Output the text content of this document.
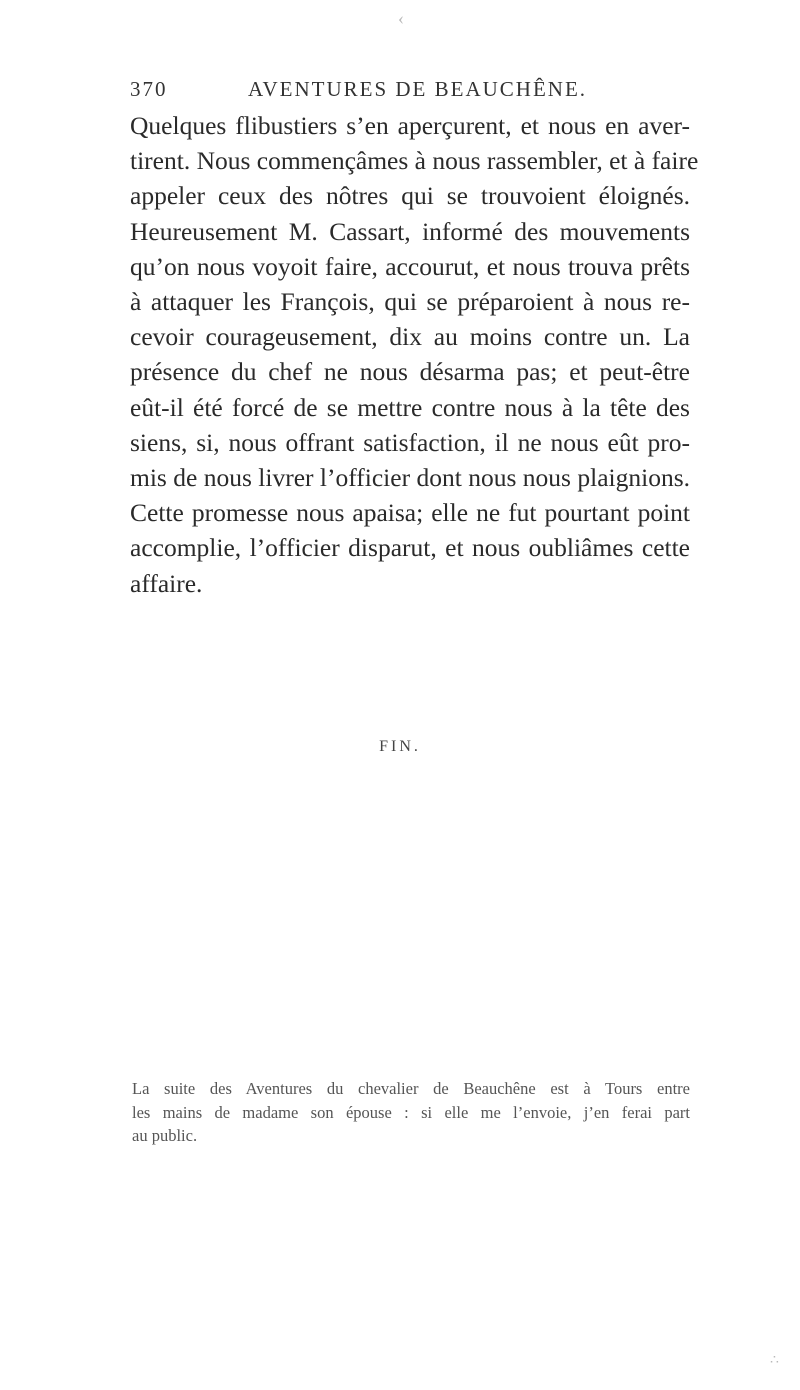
‹
370	AVENTURES DE BEAUCHÊNE.
Quelques flibustiers s’en aperçurent, et nous en aver-
tirent. Nous commençâmes à nous rassembler, et à faire
appeler ceux des nôtres qui se trouvoient éloignés.
Heureusement M. Cassart, informé des mouvements
qu’on nous voyoit faire, accourut, et nous trouva prêts
à attaquer les François, qui se préparoient à nous re-
cevoir courageusement, dix au moins contre un. La
présence du chef ne nous désarma pas; et peut-être
eût-il été forcé de se mettre contre nous à la tête des
siens, si, nous offrant satisfaction, il ne nous eût pro-
mis de nous livrer l’officier dont nous nous plaignions.
Cette promesse nous apaisa; elle ne fut pourtant point
accomplie, l’officier disparut, et nous oubliâmes cette
affaire.
FIN.
La suite des Aventures du chevalier de Beauchêne est à Tours entre
les mains de madame son épouse : si elle me l’envoie, j’en ferai part
au public.
∴
